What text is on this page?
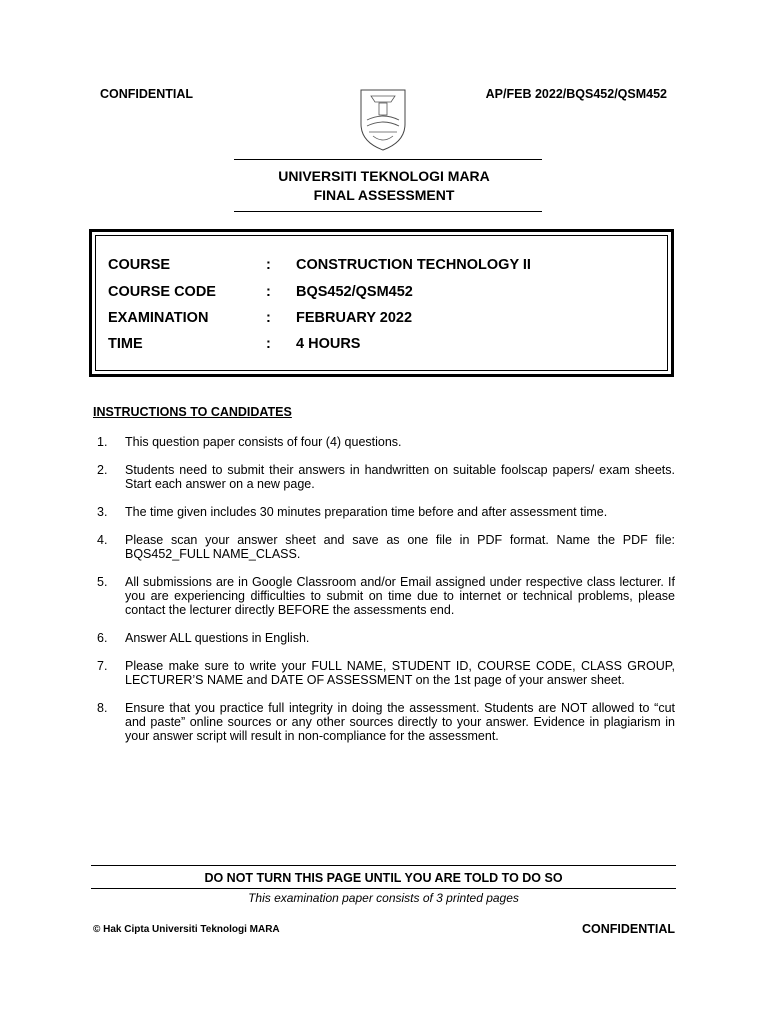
CONFIDENTIAL	AP/FEB 2022/BQS452/QSM452
UNIVERSITI TEKNOLOGI MARA
FINAL ASSESSMENT
COURSE	: CONSTRUCTION TECHNOLOGY II
COURSE CODE	: BQS452/QSM452
EXAMINATION	: FEBRUARY 2022
TIME	: 4 HOURS
INSTRUCTIONS TO CANDIDATES
1. This question paper consists of four (4) questions.
2. Students need to submit their answers in handwritten on suitable foolscap papers/ exam sheets. Start each answer on a new page.
3. The time given includes 30 minutes preparation time before and after assessment time.
4. Please scan your answer sheet and save as one file in PDF format. Name the PDF file: BQS452_FULL NAME_CLASS.
5. All submissions are in Google Classroom and/or Email assigned under respective class lecturer. If you are experiencing difficulties to submit on time due to internet or technical problems, please contact the lecturer directly BEFORE the assessments end.
6. Answer ALL questions in English.
7. Please make sure to write your FULL NAME, STUDENT ID, COURSE CODE, CLASS GROUP, LECTURER’S NAME and DATE OF ASSESSMENT on the 1st page of your answer sheet.
8. Ensure that you practice full integrity in doing the assessment. Students are NOT allowed to “cut and paste” online sources or any other sources directly to your answer. Evidence in plagiarism in your answer script will result in non-compliance for the assessment.
DO NOT TURN THIS PAGE UNTIL YOU ARE TOLD TO DO SO
This examination paper consists of 3 printed pages
© Hak Cipta Universiti Teknologi MARA	CONFIDENTIAL
